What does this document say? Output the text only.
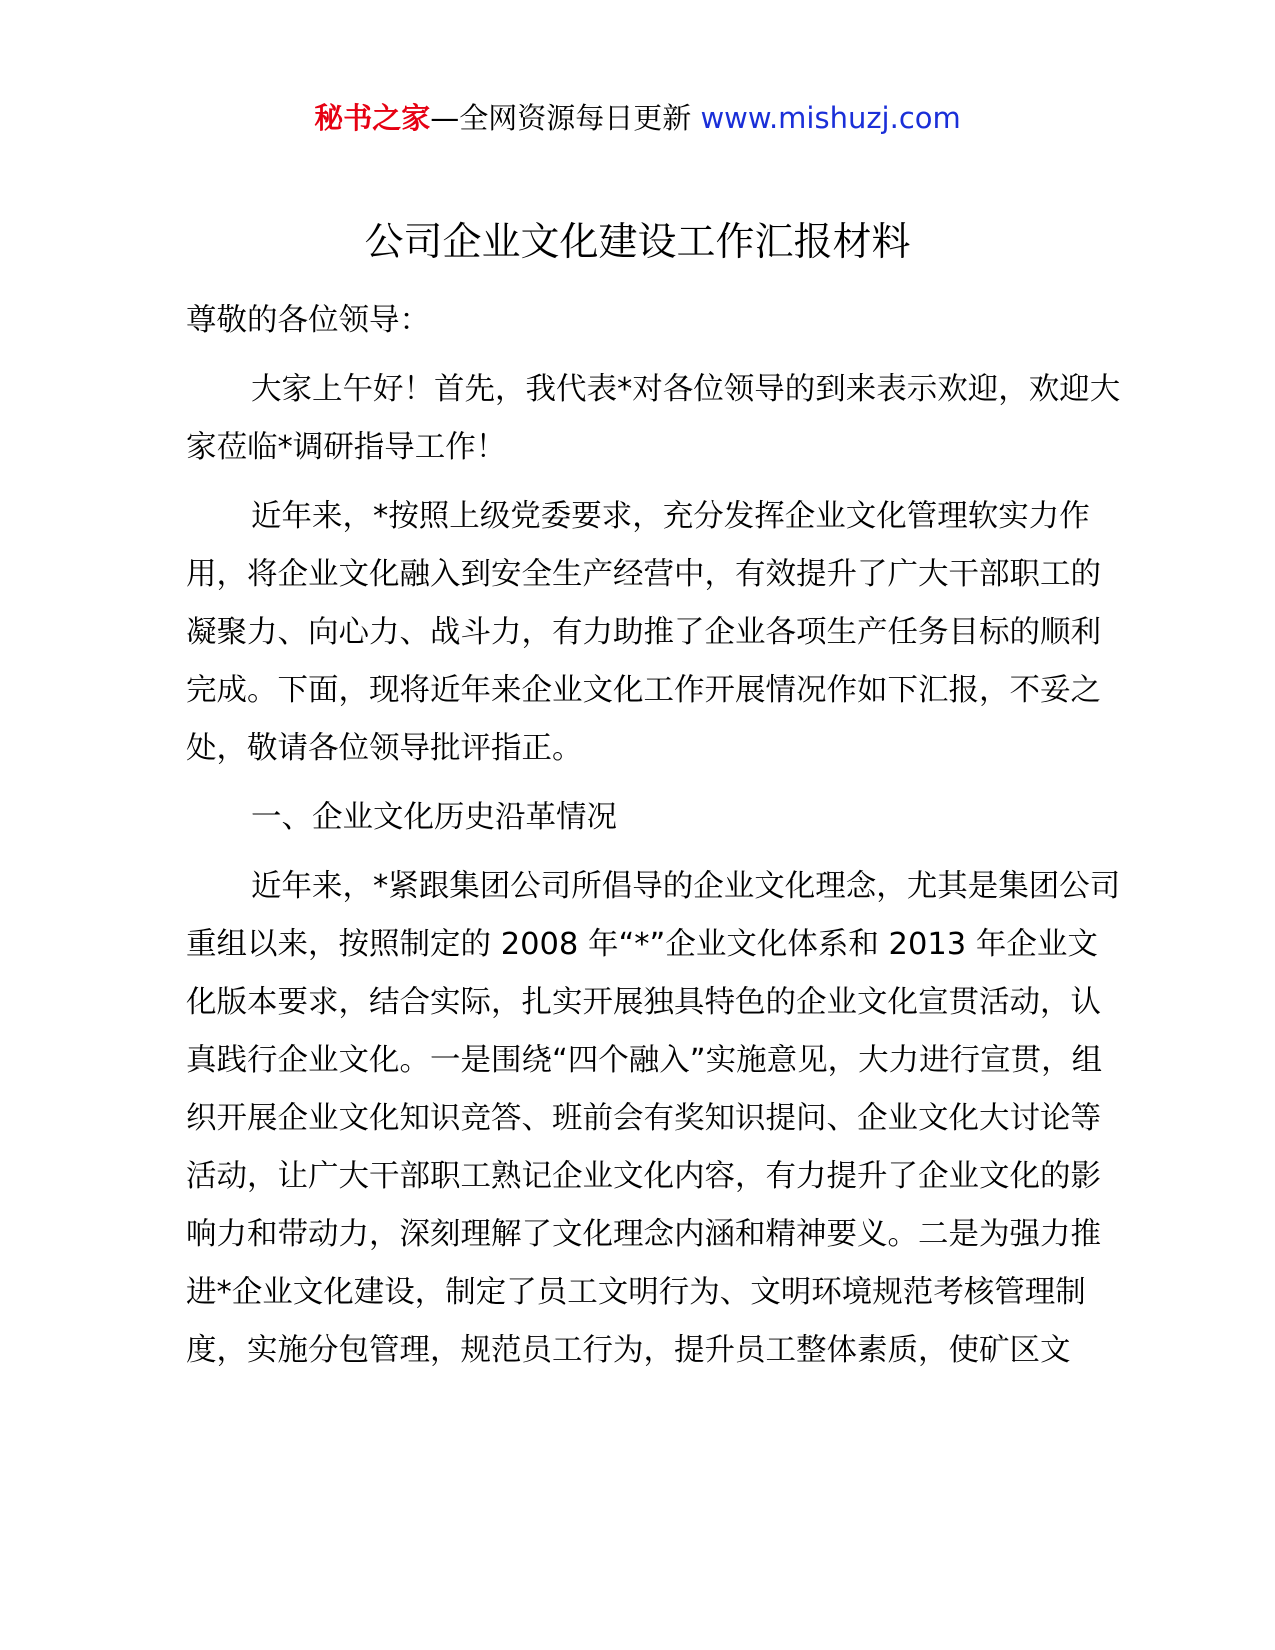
秘书之家—全网资源每日更新 www.mishuzj.com
公司企业文化建设工作汇报材料

尊敬的各位领导：

大家上午好！首先，我代表*对各位领导的到来表示欢迎，欢迎大家莅临*调研指导工作！

近年来，*按照上级党委要求，充分发挥企业文化管理软实力作用，将企业文化融入到安全生产经营中，有效提升了广大干部职工的凝聚力、向心力、战斗力，有力助推了企业各项生产任务目标的顺利完成。下面，现将近年来企业文化工作开展情况作如下汇报，不妥之处，敬请各位领导批评指正。

一、企业文化历史沿革情况

近年来，*紧跟集团公司所倡导的企业文化理念，尤其是集团公司重组以来，按照制定的 2008 年“*”企业文化体系和 2013 年企业文化版本要求，结合实际，扎实开展独具特色的企业文化宣贯活动，认真践行企业文化。一是围绕“四个融入”实施意见，大力进行宣贯，组织开展企业文化知识竞答、班前会有奖知识提问、企业文化大讨论等活动，让广大干部职工熟记企业文化内容，有力提升了企业文化的影响力和带动力，深刻理解了文化理念内涵和精神要义。二是为强力推进*企业文化建设，制定了员工文明行为、文明环境规范考核管理制度，实施分包管理，规范员工行为，提升员工整体素质，使矿区文
